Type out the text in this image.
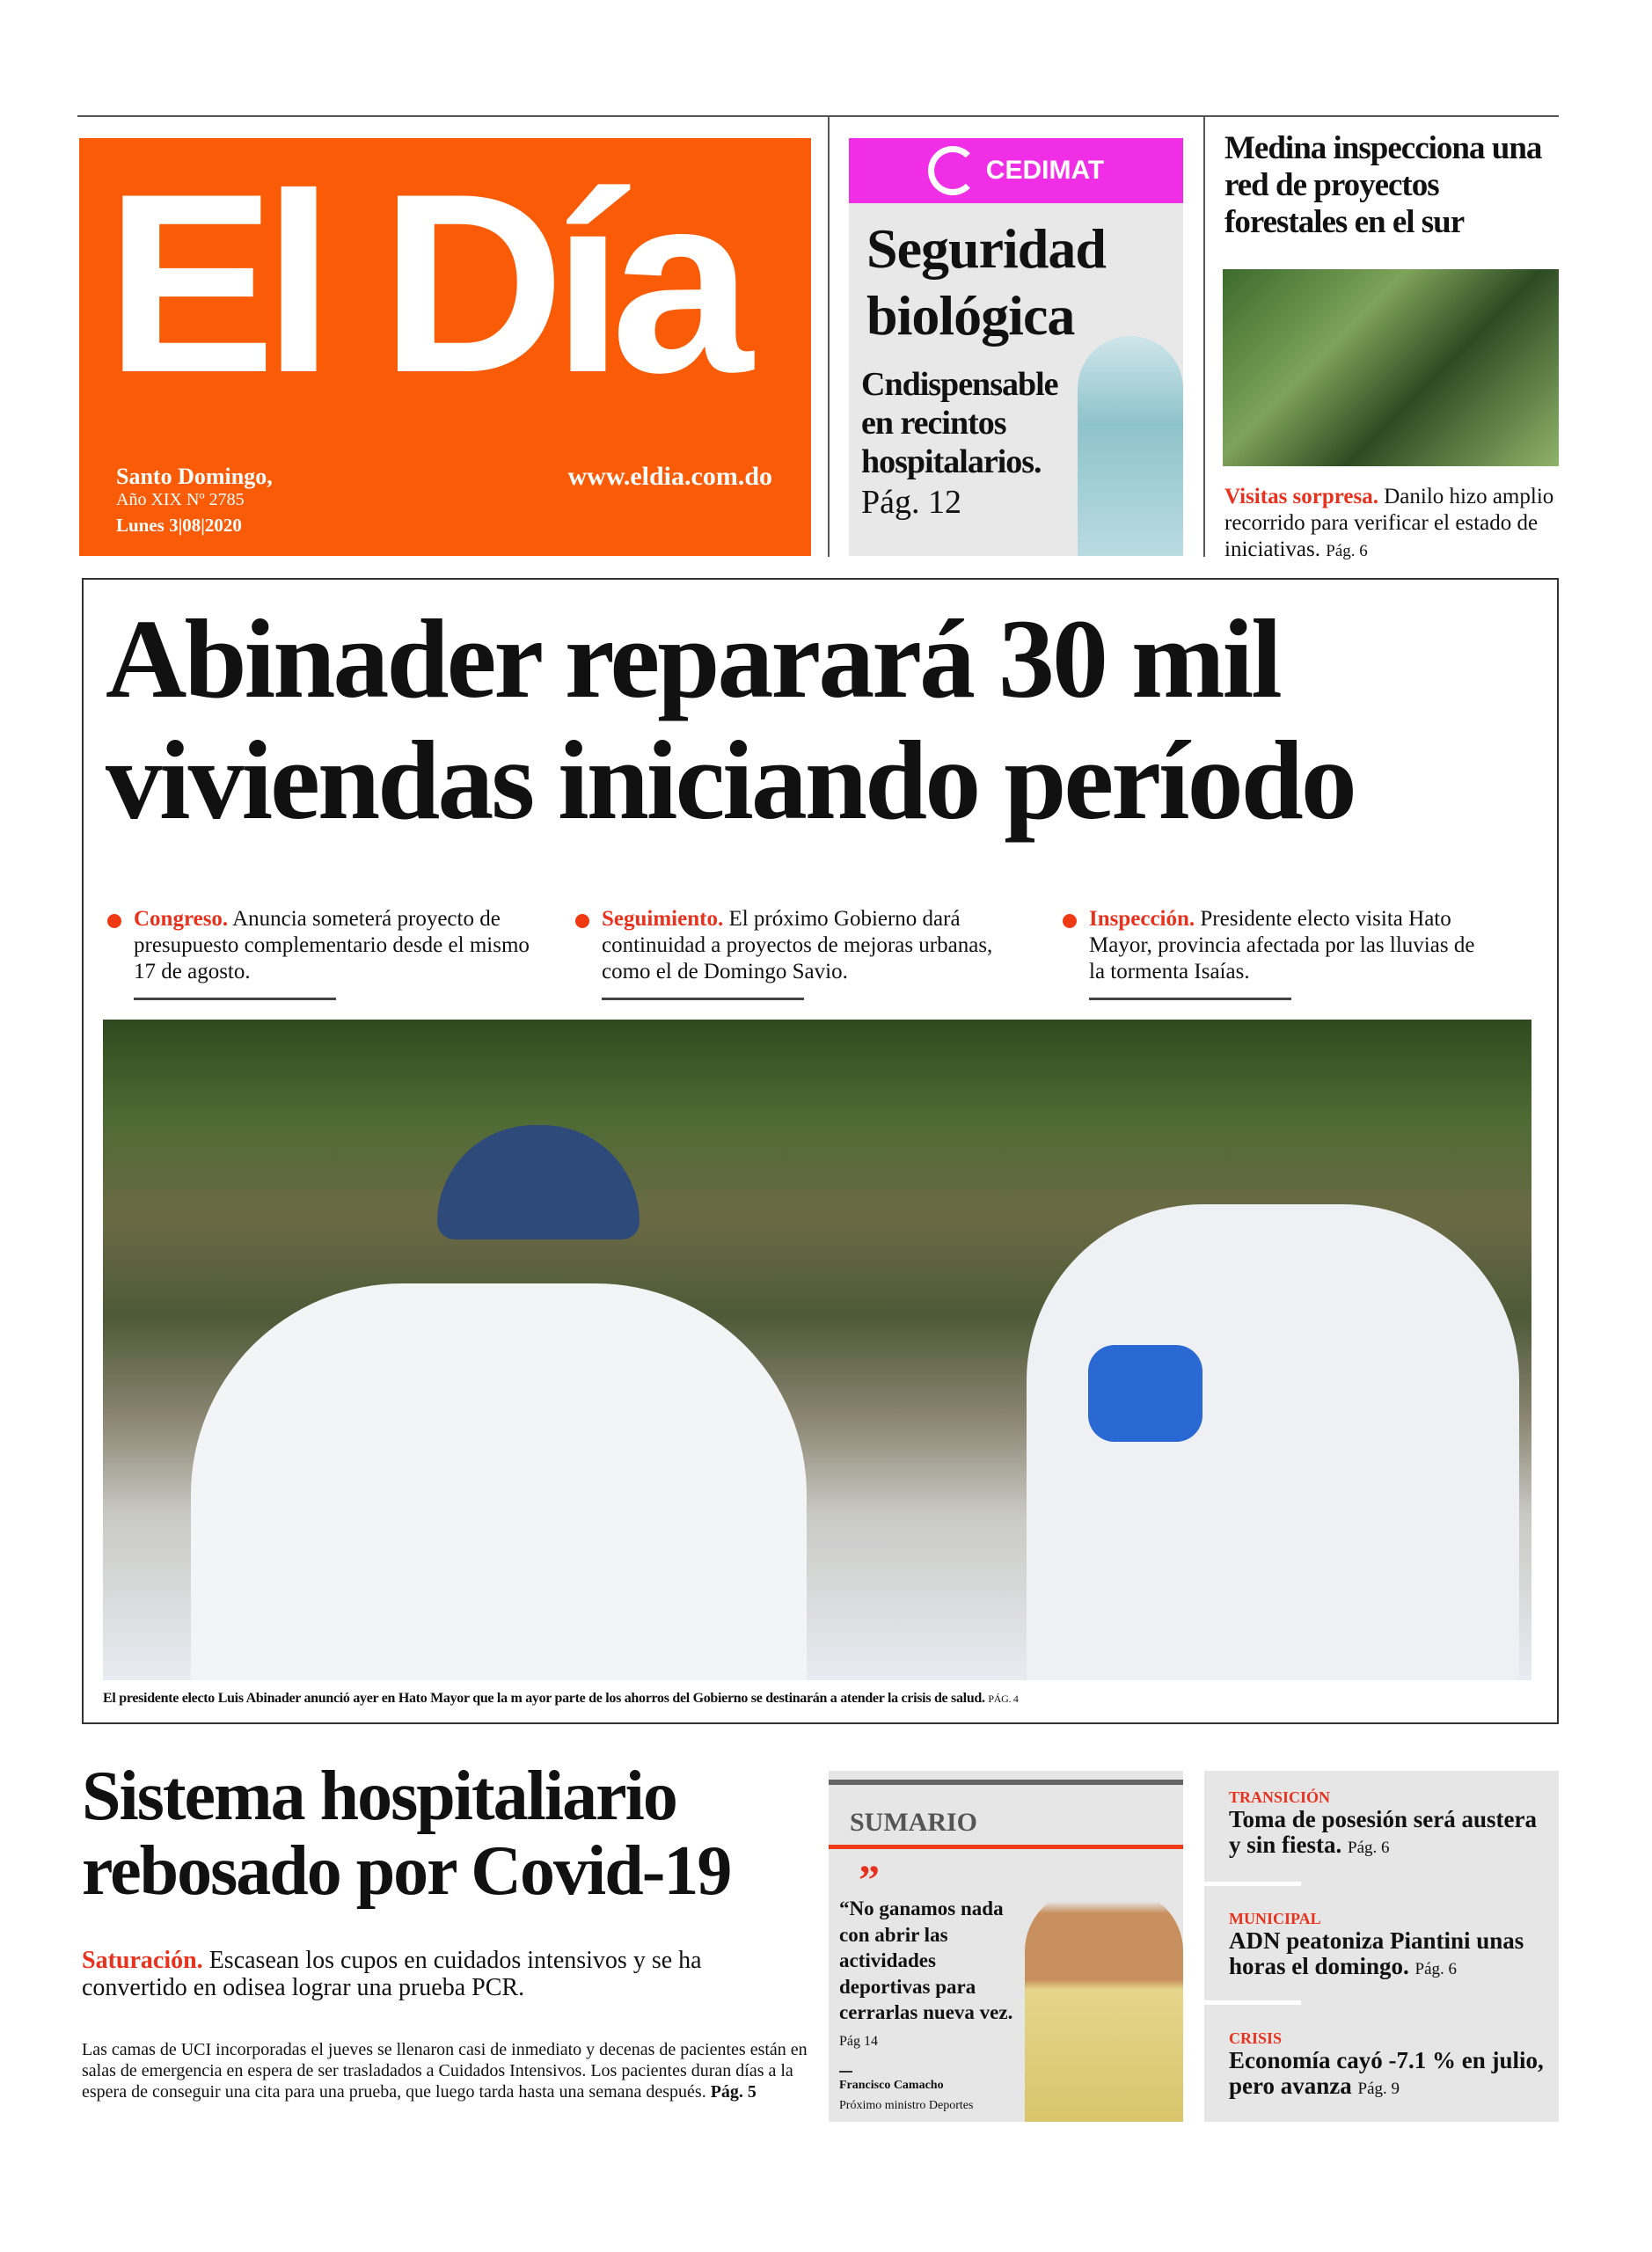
El Día
Santo Domingo,
Año XIX Nº 2785
Lunes 3|08|2020
www.eldia.com.do
CEDIMAT
Seguridad biológica
Cndispensable en recintos hospitalarios.
Pág. 12
Medina inspecciona una red de proyectos forestales en el sur
Visitas sorpresa. Danilo hizo amplio recorrido para verificar el estado de iniciativas. Pág. 6
Abinader reparará 30 mil
viviendas iniciando período
Congreso. Anuncia someterá proyecto de presupuesto complementario desde el mismo 17 de agosto.
Seguimiento. El próximo Gobierno dará continuidad a proyectos de mejoras urbanas, como el de Domingo Savio.
Inspección. Presidente electo visita Hato Mayor, provincia afectada por las lluvias de la tormenta Isaías.
El presidente electo Luis Abinader anunció ayer en Hato Mayor que la m ayor parte de los ahorros del Gobierno se destinarán a atender la crisis de salud. PÁG. 4
Sistema hospitaliario
rebosado por Covid-19
Saturación. Escasean los cupos en cuidados intensivos y se ha convertido en odisea lograr una prueba PCR.
Las camas de UCI incorporadas el jueves se llenaron casi de inmediato y decenas de pacientes están en salas de emergencia en espera de ser trasladados a Cuidados Intensivos. Los pacientes duran días a la espera de conseguir una cita para una prueba, que luego tarda hasta una semana después. Pág. 5
SUMARIO
”
“No ganamos nada con abrir las actividades deportivas para cerrarlas nueva vez. Pág 14
Francisco Camacho
Próximo ministro Deportes
TRANSICIÓN
Toma de posesión será austera y sin fiesta. Pág. 6
MUNICIPAL
ADN peatoniza Piantini unas horas el domingo. Pág. 6
CRISIS
Economía cayó -7.1 % en julio, pero avanza Pág. 9
